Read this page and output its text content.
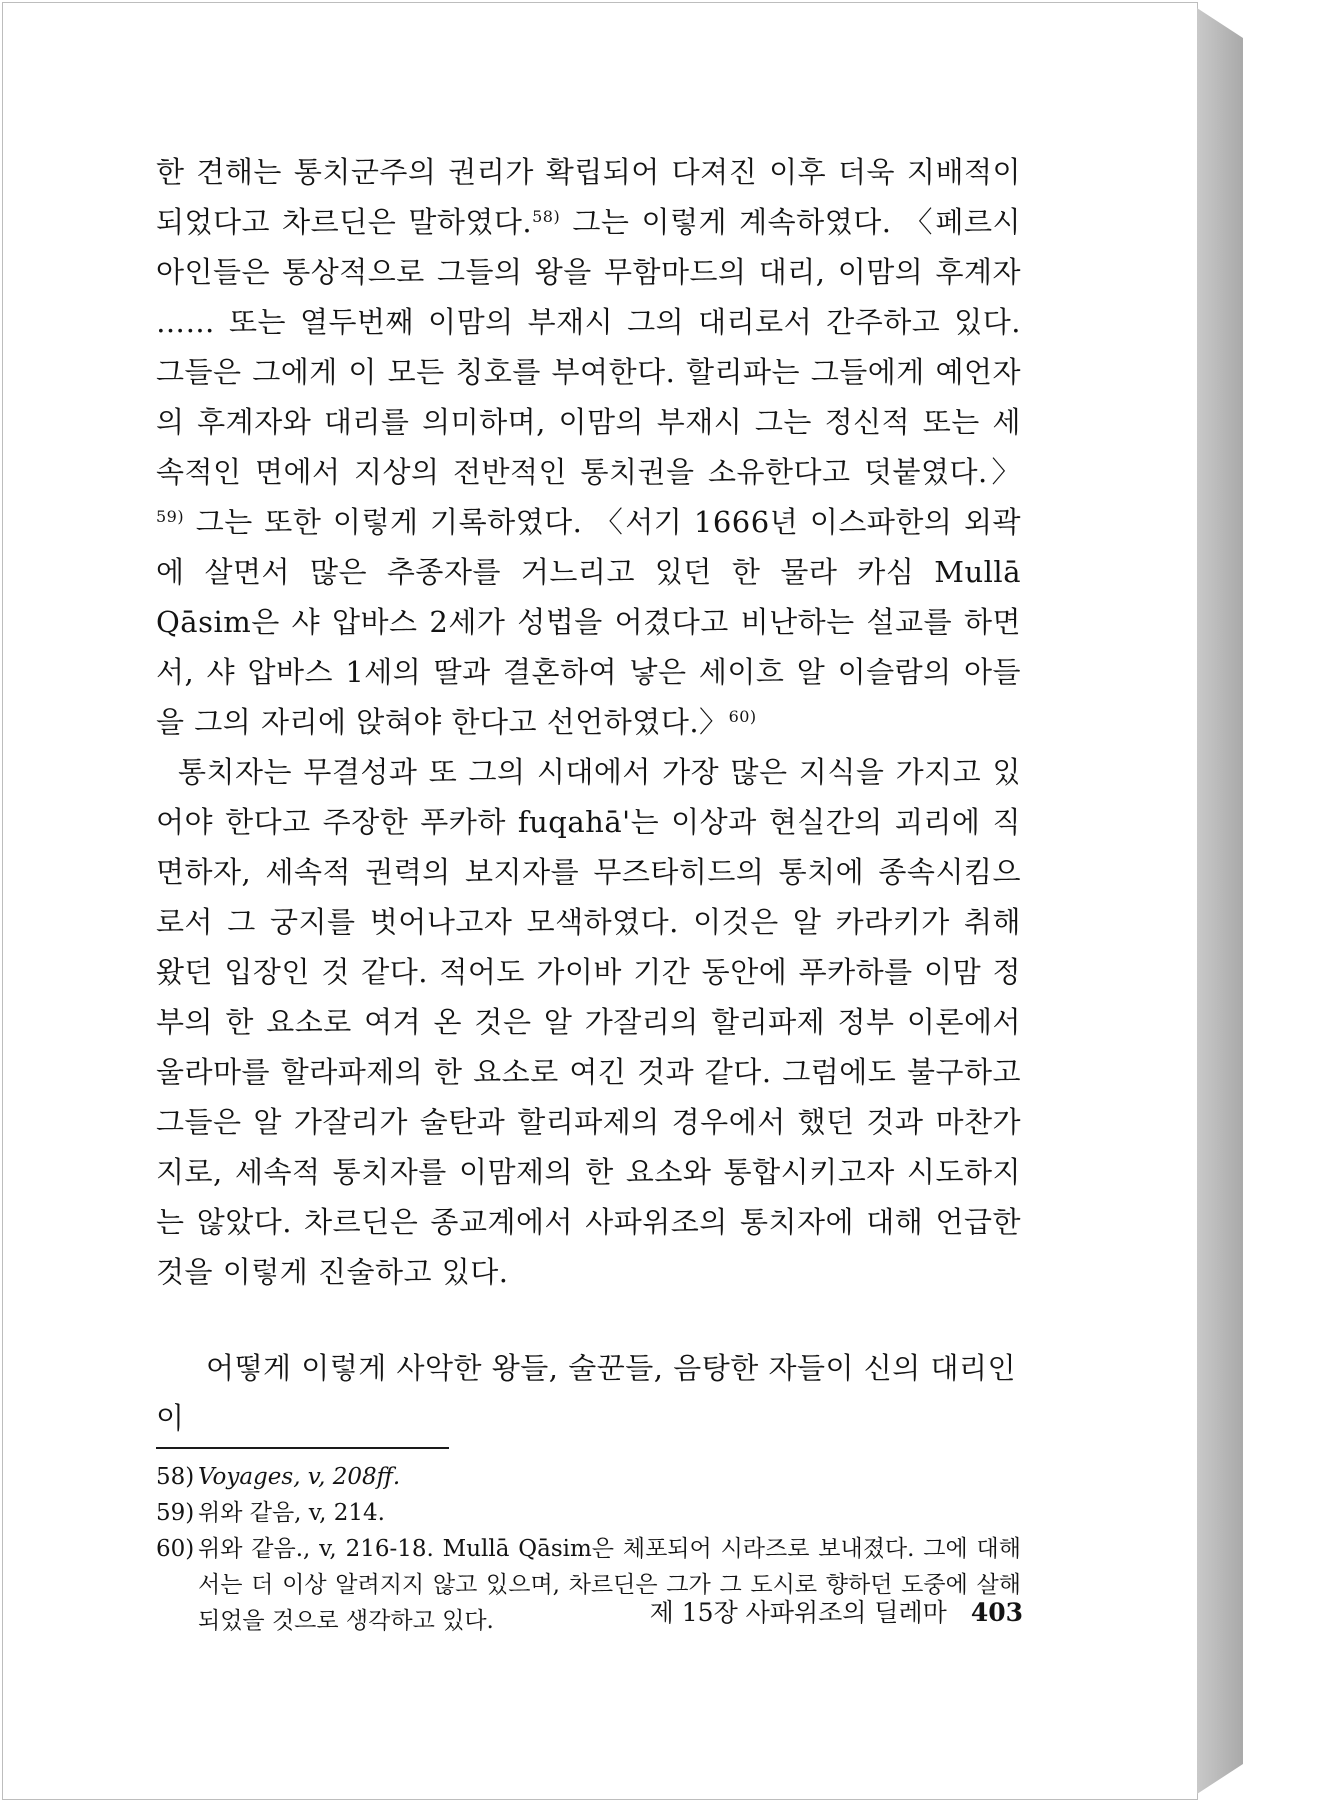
한 견해는 통치군주의 권리가 확립되어 다져진 이후 더욱 지배적이 되었다고 차르딘은 말하였다.$^{58)}$ 그는 이렇게 계속하였다. 〈페르시아인들은 통상적으로 그들의 왕을 무함마드의 대리, 이맘의 후계자 …… 또는 열두번째 이맘의 부재시 그의 대리로서 간주하고 있다. 그들은 그에게 이 모든 칭호를 부여한다. 할리파는 그들에게 예언자의 후계자와 대리를 의미하며, 이맘의 부재시 그는 정신적 또는 세속적인 면에서 지상의 전반적인 통치권을 소유한다고 덧붙였다.〉$^{59)}$ 그는 또한 이렇게 기록하였다. 〈서기 1666년 이스파한의 외곽에 살면서 많은 추종자를 거느리고 있던 한 물라 카심 Mullā Qāsim은 샤 압바스 2세가 성법을 어겼다고 비난하는 설교를 하면서, 샤 압바스 1세의 딸과 결혼하여 낳은 세이흐 알 이슬람의 아들을 그의 자리에 앉혀야 한다고 선언하였다.〉$^{60)}$

통치자는 무결성과 또 그의 시대에서 가장 많은 지식을 가지고 있어야 한다고 주장한 푸카하 fuqahā'는 이상과 현실간의 괴리에 직면하자, 세속적 권력의 보지자를 무즈타히드의 통치에 종속시킴으로서 그 궁지를 벗어나고자 모색하였다. 이것은 알 카라키가 취해 왔던 입장인 것 같다. 적어도 가이바 기간 동안에 푸카하를 이맘 정부의 한 요소로 여겨 온 것은 알 가잘리의 할리파제 정부 이론에서 울라마를 할라파제의 한 요소로 여긴 것과 같다. 그럼에도 불구하고 그들은 알 가잘리가 술탄과 할리파제의 경우에서 했던 것과 마찬가지로, 세속적 통치자를 이맘제의 한 요소와 통합시키고자 시도하지는 않았다. 차르딘은 종교계에서 사파위조의 통치자에 대해 언급한 것을 이렇게 진술하고 있다.

어떻게 이렇게 사악한 왕들, 술꾼들, 음탕한 자들이 신의 대리인이

58) Voyages, v, 208ff.
59) 위와 같음, v, 214.
60) 위와 같음., v, 216-18. Mullā Qāsim은 체포되어 시라즈로 보내졌다. 그에 대해서는 더 이상 알려지지 않고 있으며, 차르딘은 그가 그 도시로 향하던 도중에 살해되었을 것으로 생각하고 있다.	제 15장 사파위조의 딜레마 403
